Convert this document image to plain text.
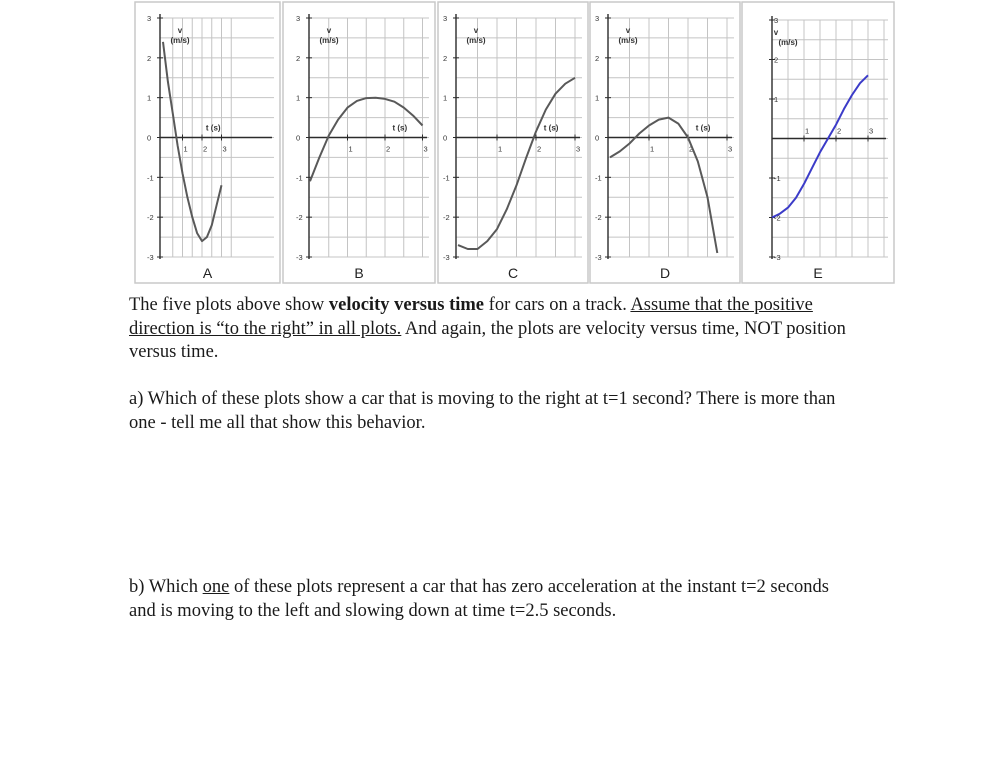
3
2
1
0
-1
-2
-3
1 2 3
v
(m/s)
t (s)
A
3
2
1
0
-1
-2
-3
1	2	3
v
(m/s)
t (s)
B
3
2
1
0
-1
-2
-3
1	2	3
v
(m/s)
t (s)
C
3
2
1
0
-1
-2
-3
1	2	3
v
(m/s)
t (s)
D
3
2
1
-1
-2
-3
1	2	3
v
(m/s)
E
The five plots above show velocity versus time for cars on a track. Assume that the positive direction is “to the right” in all plots. And again, the plots are velocity versus time, NOT position versus time.
a) Which of these plots show a car that is moving to the right at t=1 second? There is more than one - tell me all that show this behavior.
b) Which one of these plots represent a car that has zero acceleration at the instant t=2 seconds and is moving to the left and slowing down at time t=2.5 seconds.
